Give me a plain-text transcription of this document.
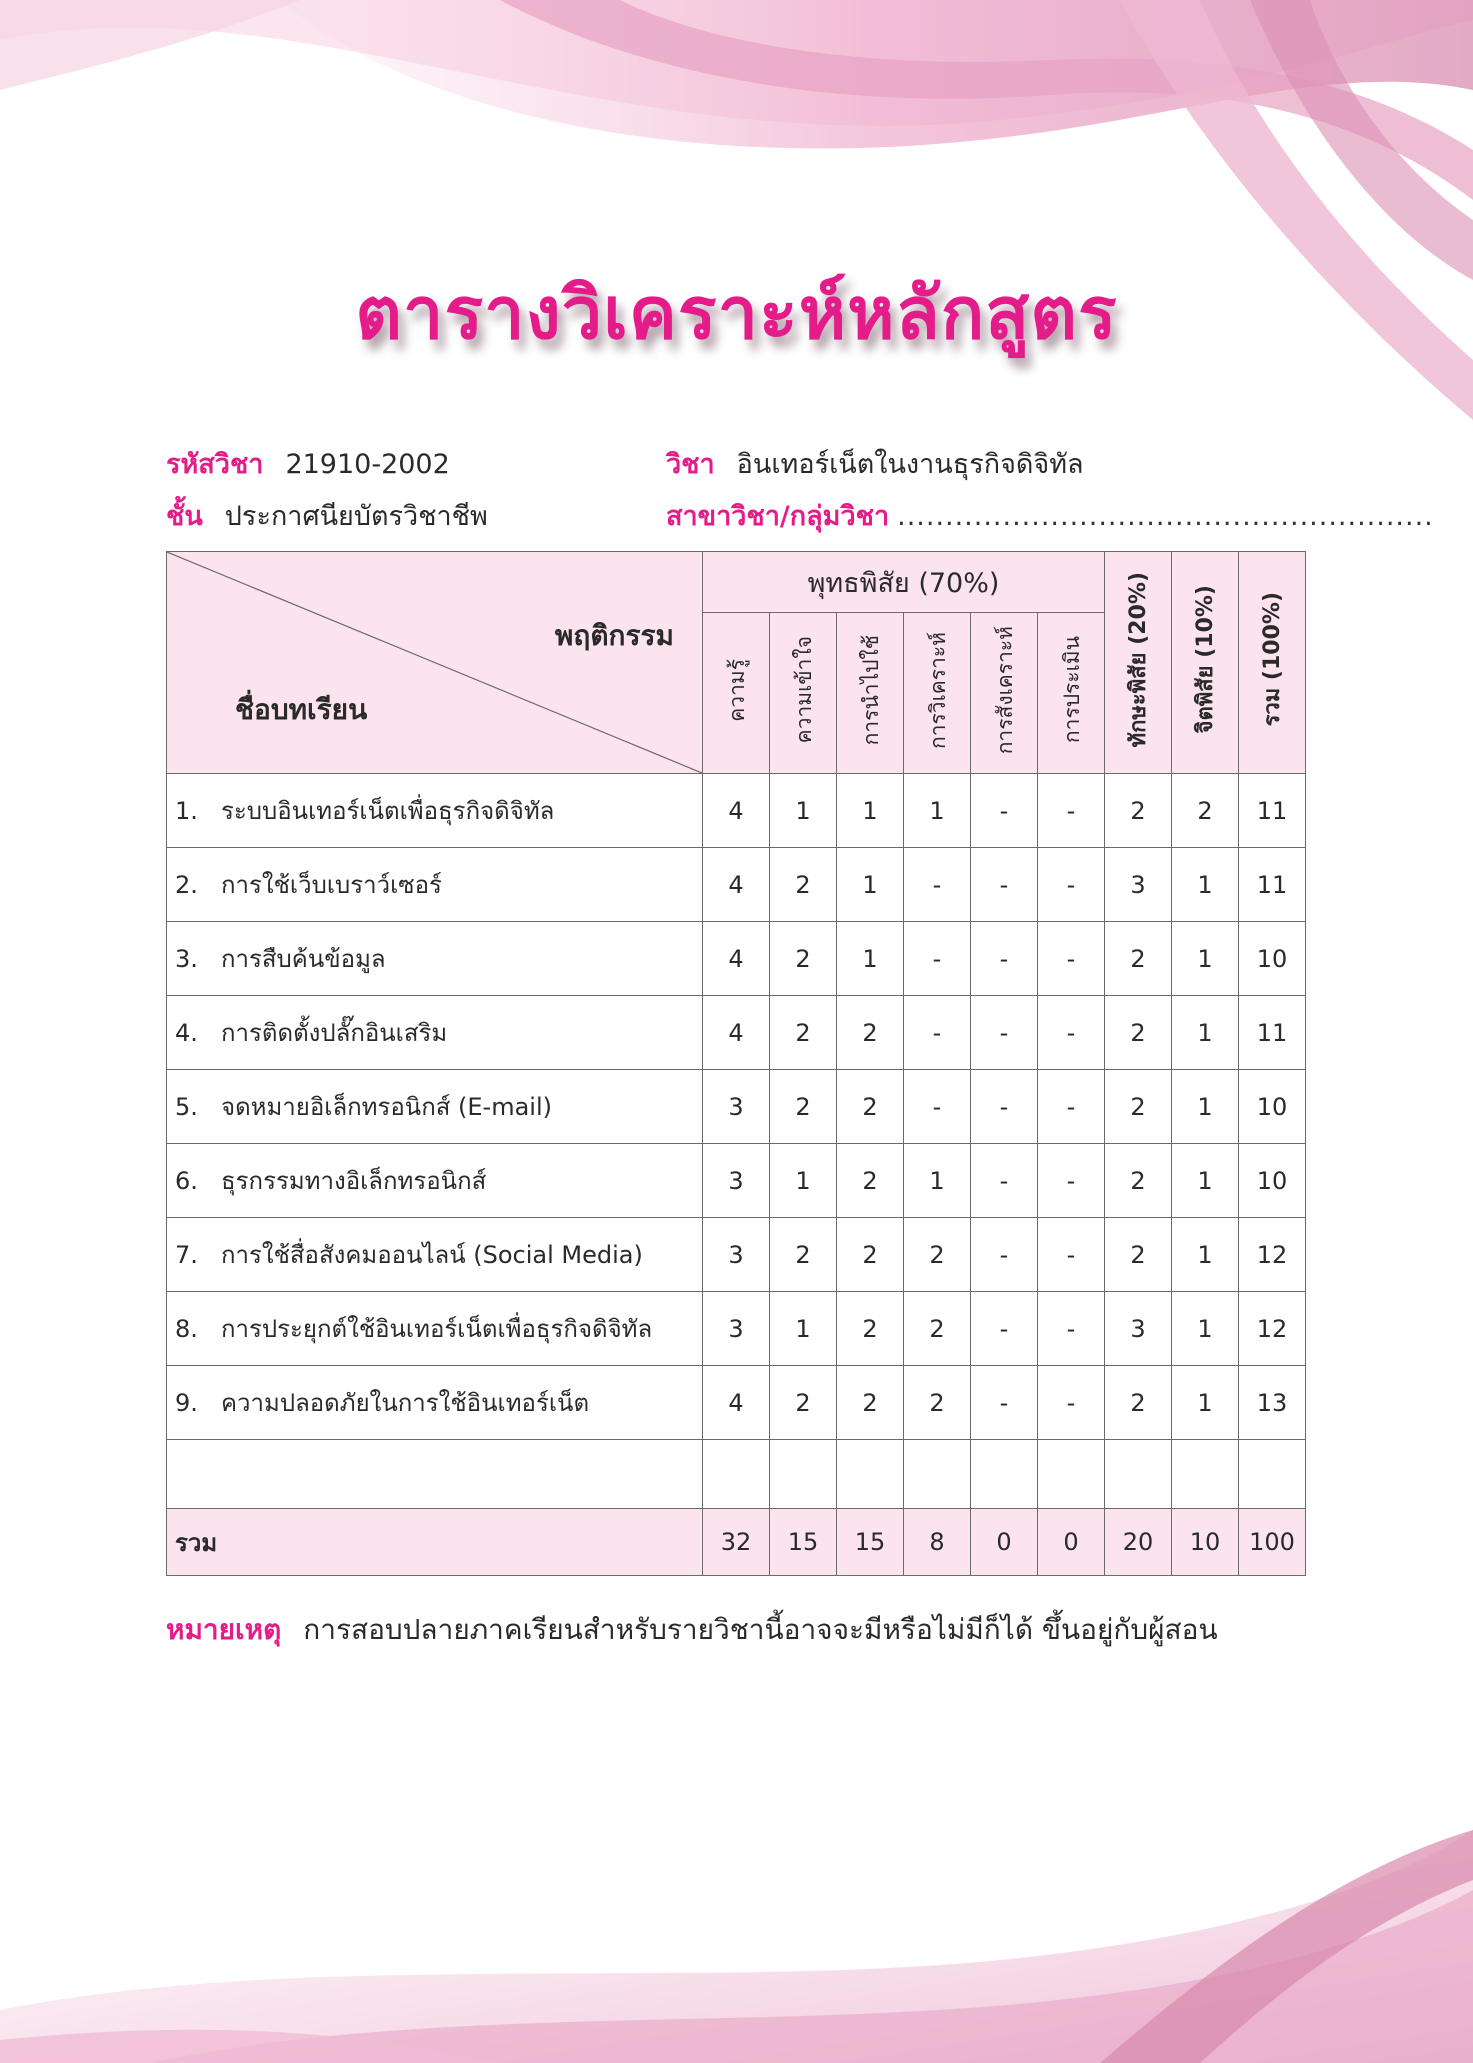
ตารางวิเคราะห์หลักสูตร
รหัสวิชา 21910-2002	วิชา อินเทอร์เน็ตในงานธุรกิจดิจิทัล
ชั้น ประกาศนียบัตรวิชาชีพ	สาขาวิชา/กลุ่มวิชา ........................................................
พฤติกรรม
ชื่อบทเรียน	พุทธพิสัย (70%)						ทักษะพิสัย (20%)	จิตพิสัย (10%)	รวม (100%)
	ความรู้	ความเข้าใจ	การนำไปใช้	การวิเคราะห์	การสังเคราะห์	การประเมิน			
1. ระบบอินเทอร์เน็ตเพื่อธุรกิจดิจิทัล	4	1	1	1	-	-	2	2	11
2. การใช้เว็บเบราว์เซอร์	4	2	1	-	-	-	3	1	11
3. การสืบค้นข้อมูล	4	2	1	-	-	-	2	1	10
4. การติดตั้งปลั๊กอินเสริม	4	2	2	-	-	-	2	1	11
5. จดหมายอิเล็กทรอนิกส์ (E-mail)	3	2	2	-	-	-	2	1	10
6. ธุรกรรมทางอิเล็กทรอนิกส์	3	1	2	1	-	-	2	1	10
7. การใช้สื่อสังคมออนไลน์ (Social Media)	3	2	2	2	-	-	2	1	12
8. การประยุกต์ใช้อินเทอร์เน็ตเพื่อธุรกิจดิจิทัล	3	1	2	2	-	-	3	1	12
9. ความปลอดภัยในการใช้อินเทอร์เน็ต	4	2	2	2	-	-	2	1	13

รวม	32	15	15	8	0	0	20	10	100
หมายเหตุ การสอบปลายภาคเรียนสำหรับรายวิชานี้อาจจะมีหรือไม่มีก็ได้ ขึ้นอยู่กับผู้สอน
